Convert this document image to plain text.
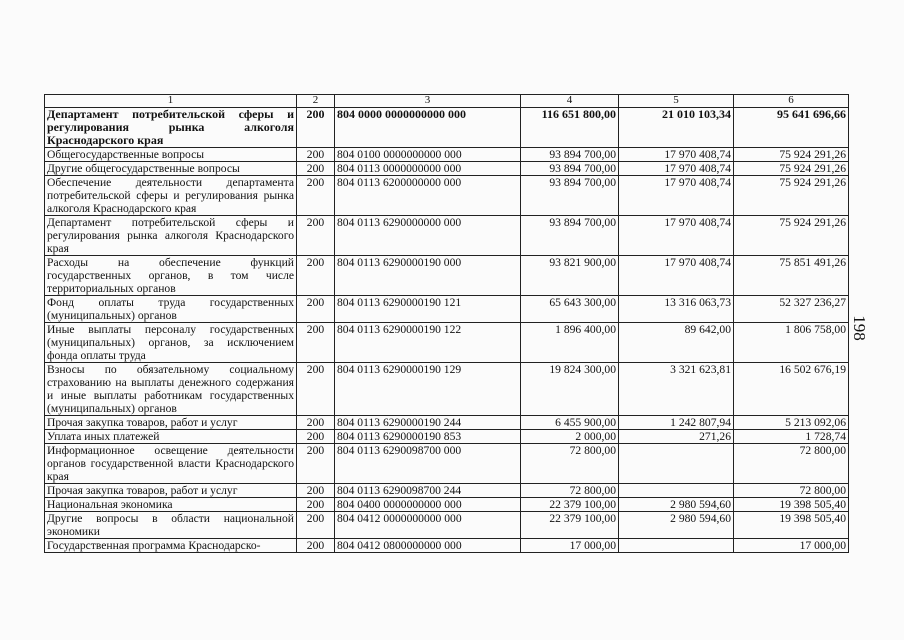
198
1	2	3	4	5	6
Департамент потребительской сферы и регулирования рынка алкоголя Краснодарского края	200	804 0000 0000000000 000	116 651 800,00	21 010 103,34	95 641 696,66
Общегосударственные вопросы	200	804 0100 0000000000 000	93 894 700,00	17 970 408,74	75 924 291,26
Другие общегосударственные вопросы	200	804 0113 0000000000 000	93 894 700,00	17 970 408,74	75 924 291,26
Обеспечение деятельности департамента потребительской сферы и регулирования рынка алкоголя Краснодарского края	200	804 0113 6200000000 000	93 894 700,00	17 970 408,74	75 924 291,26
Департамент потребительской сферы и регулирования рынка алкоголя Краснодарского края	200	804 0113 6290000000 000	93 894 700,00	17 970 408,74	75 924 291,26
Расходы на обеспечение функций государственных органов, в том числе территориальных органов	200	804 0113 6290000190 000	93 821 900,00	17 970 408,74	75 851 491,26
Фонд оплаты труда государственных (муниципальных) органов	200	804 0113 6290000190 121	65 643 300,00	13 316 063,73	52 327 236,27
Иные выплаты персоналу государственных (муниципальных) органов, за исключением фонда оплаты труда	200	804 0113 6290000190 122	1 896 400,00	89 642,00	1 806 758,00
Взносы по обязательному социальному страхованию на выплаты денежного содержания и иные выплаты работникам государственных (муниципальных) органов	200	804 0113 6290000190 129	19 824 300,00	3 321 623,81	16 502 676,19
Прочая закупка товаров, работ и услуг	200	804 0113 6290000190 244	6 455 900,00	1 242 807,94	5 213 092,06
Уплата иных платежей	200	804 0113 6290000190 853	2 000,00	271,26	1 728,74
Информационное освещение деятельности органов государственной власти Краснодарского края	200	804 0113 6290098700 000	72 800,00		72 800,00
Прочая закупка товаров, работ и услуг	200	804 0113 6290098700 244	72 800,00		72 800,00
Национальная экономика	200	804 0400 0000000000 000	22 379 100,00	2 980 594,60	19 398 505,40
Другие вопросы в области национальной экономики	200	804 0412 0000000000 000	22 379 100,00	2 980 594,60	19 398 505,40
Государственная программа Краснодарско-	200	804 0412 0800000000 000	17 000,00		17 000,00
